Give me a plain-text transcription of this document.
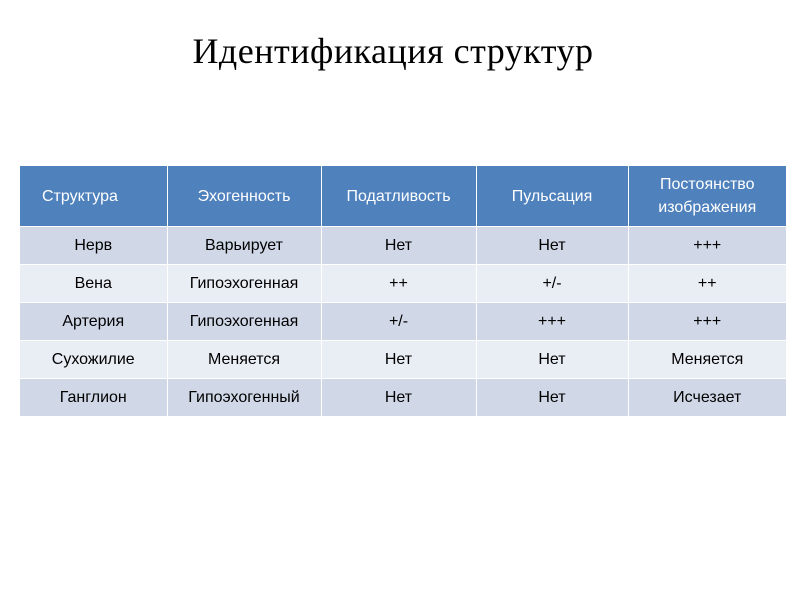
Идентификация структур
Структура	Эхогенность	Податливость	Пульсация	Постоянство изображения
Нерв	Варьирует	Нет	Нет	+++
Вена	Гипоэхогенная	++	+/-	++
Артерия	Гипоэхогенная	+/-	+++	+++
Сухожилие	Меняется	Нет	Нет	Меняется
Ганглион	Гипоэхогенный	Нет	Нет	Исчезает
